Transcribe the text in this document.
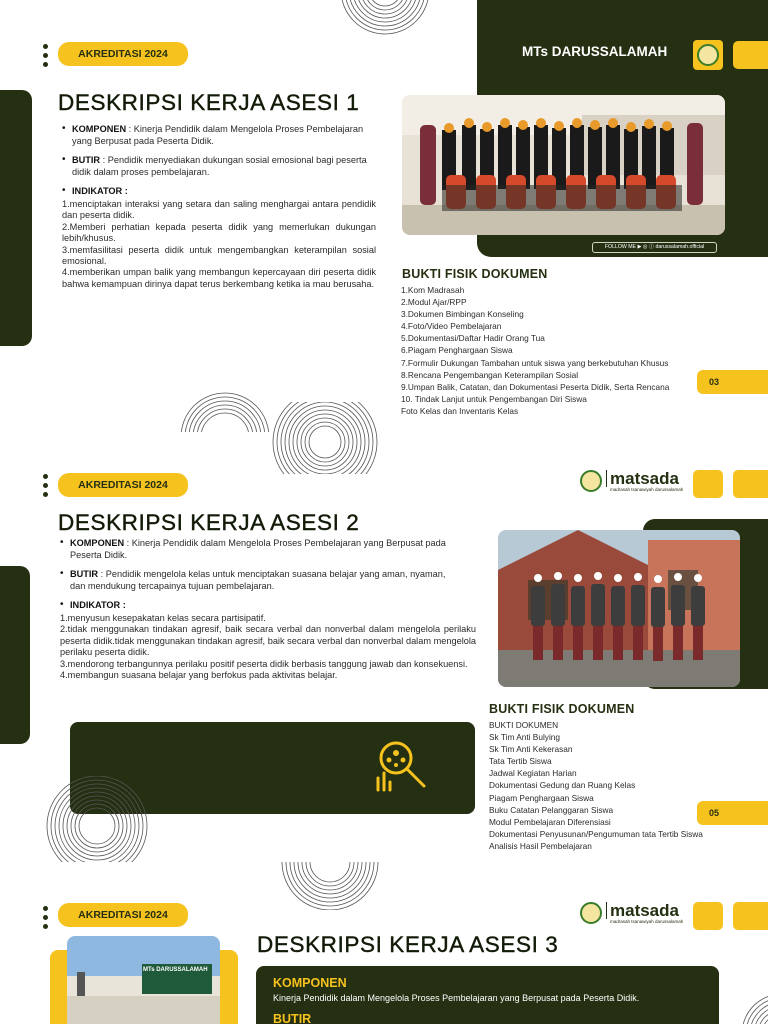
AKREDITASI 2024	MTs DARUSSALAMAH
DESKRIPSI KERJA ASESI 1
• KOMPONEN : Kinerja Pendidik dalam Mengelola Proses Pembelajaran yang Berpusat pada Peserta Didik.
• BUTIR : Pendidik menyediakan dukungan sosial emosional bagi peserta didik dalam proses pembelajaran.
• INDIKATOR :
1.menciptakan interaksi yang setara dan saling menghargai antara pendidik dan peserta didik.
2.Memberi perhatian kepada peserta didik yang memerlukan dukungan lebih/khusus.
3.memfasilitasi peserta didik untuk mengembangkan keterampilan sosial emosional.
4.memberikan umpan balik yang membangun kepercayaan diri peserta didik bahwa kemampuan dirinya dapat terus berkembang ketika ia mau berusaha.
FOLLOW ME ▶ ◎ ⓕ darussalamah.official
BUKTI FISIK DOKUMEN
1.Kom Madrasah
2.Modul Ajar/RPP
3.Dokumen Bimbingan Konseling
4.Foto/Video Pembelajaran
5.Dokumentasi/Daftar Hadir Orang Tua
6.Piagam Penghargaan Siswa
7.Formulir Dukungan Tambahan untuk siswa yang berkebutuhan Khusus
8.Rencana Pengembangan Keterampilan Sosial
9.Umpan Balik, Catatan, dan Dokumentasi Peserta Didik, Serta Rencana
10. Tindak Lanjut untuk Pengembangan Diri Siswa
Foto Kelas dan Inventaris Kelas
03
AKREDITASI 2024	matsada
madrasah tsanawiyah darussalamah
DESKRIPSI KERJA ASESI 2
• KOMPONEN : Kinerja Pendidik dalam Mengelola Proses Pembelajaran yang Berpusat pada Peserta Didik.
• BUTIR : Pendidik mengelola kelas untuk menciptakan suasana belajar yang aman, nyaman, dan mendukung tercapainya tujuan pembelajaran.
• INDIKATOR :
1.menyusun kesepakatan kelas secara partisipatif.
2.tidak menggunakan tindakan agresif, baik secara verbal dan nonverbal dalam mengelola perilaku peserta didik.tidak menggunakan tindakan agresif, baik secara verbal dan nonverbal dalam mengelola perilaku peserta didik.
3.mendorong terbangunnya perilaku positif peserta didik berbasis tanggung jawab dan konsekuensi.
4.membangun suasana belajar yang berfokus pada aktivitas belajar.
BUKTI FISIK DOKUMEN
BUKTI DOKUMEN
Sk Tim Anti Bulying
Sk Tim Anti Kekerasan
Tata Tertib Siswa
Jadwal Kegiatan Harian
Dokumentasi Gedung dan Ruang Kelas
Piagam Penghargaan Siswa
Buku Catatan Pelanggaran Siswa
Modul Pembelajaran Diferensiasi
Dokumentasi Penyusunan/Pengumuman tata Tertib Siswa
Analisis Hasil Pembelajaran
05
AKREDITASI 2024	matsada
madrasah tsanawiyah darussalamah
DESKRIPSI KERJA ASESI 3
MTs DARUSSALAMAH
KOMPONEN
Kinerja Pendidik dalam Mengelola Proses Pembelajaran yang Berpusat pada Peserta Didik.
BUTIR
